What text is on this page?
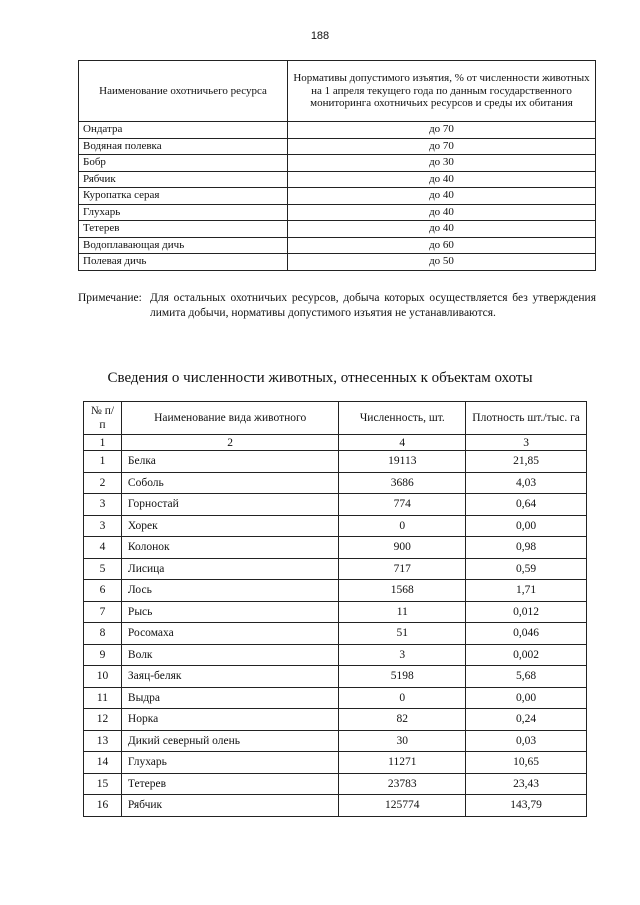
188
Наименование охотничьего ресурса	Нормативы допустимого изъятия, % от численности животных на 1 апреля текущего года по данным государственного мониторинга охотничьих ресурсов и среды их обитания
Ондатра	до 70
Водяная полевка	до 70
Бобр	до 30
Рябчик	до 40
Куропатка серая	до 40
Глухарь	до 40
Тетерев	до 40
Водоплавающая дичь	до 60
Полевая дичь	до 50
Примечание: Для остальных охотничьих ресурсов, добыча которых осуществляется без утверждения лимита добычи, нормативы допустимого изъятия не устанавливаются.
Сведения о численности животных, отнесенных к объектам охоты
№ п/п	Наименование вида животного	Численность, шт.	Плотность шт./тыс. га
1	2	4	3
1	Белка	19113	21,85
2	Соболь	3686	4,03
3	Горностай	774	0,64
3	Хорек	0	0,00
4	Колонок	900	0,98
5	Лисица	717	0,59
6	Лось	1568	1,71
7	Рысь	11	0,012
8	Росомаха	51	0,046
9	Волк	3	0,002
10	Заяц-беляк	5198	5,68
11	Выдра	0	0,00
12	Норка	82	0,24
13	Дикий северный олень	30	0,03
14	Глухарь	11271	10,65
15	Тетерев	23783	23,43
16	Рябчик	125774	143,79
